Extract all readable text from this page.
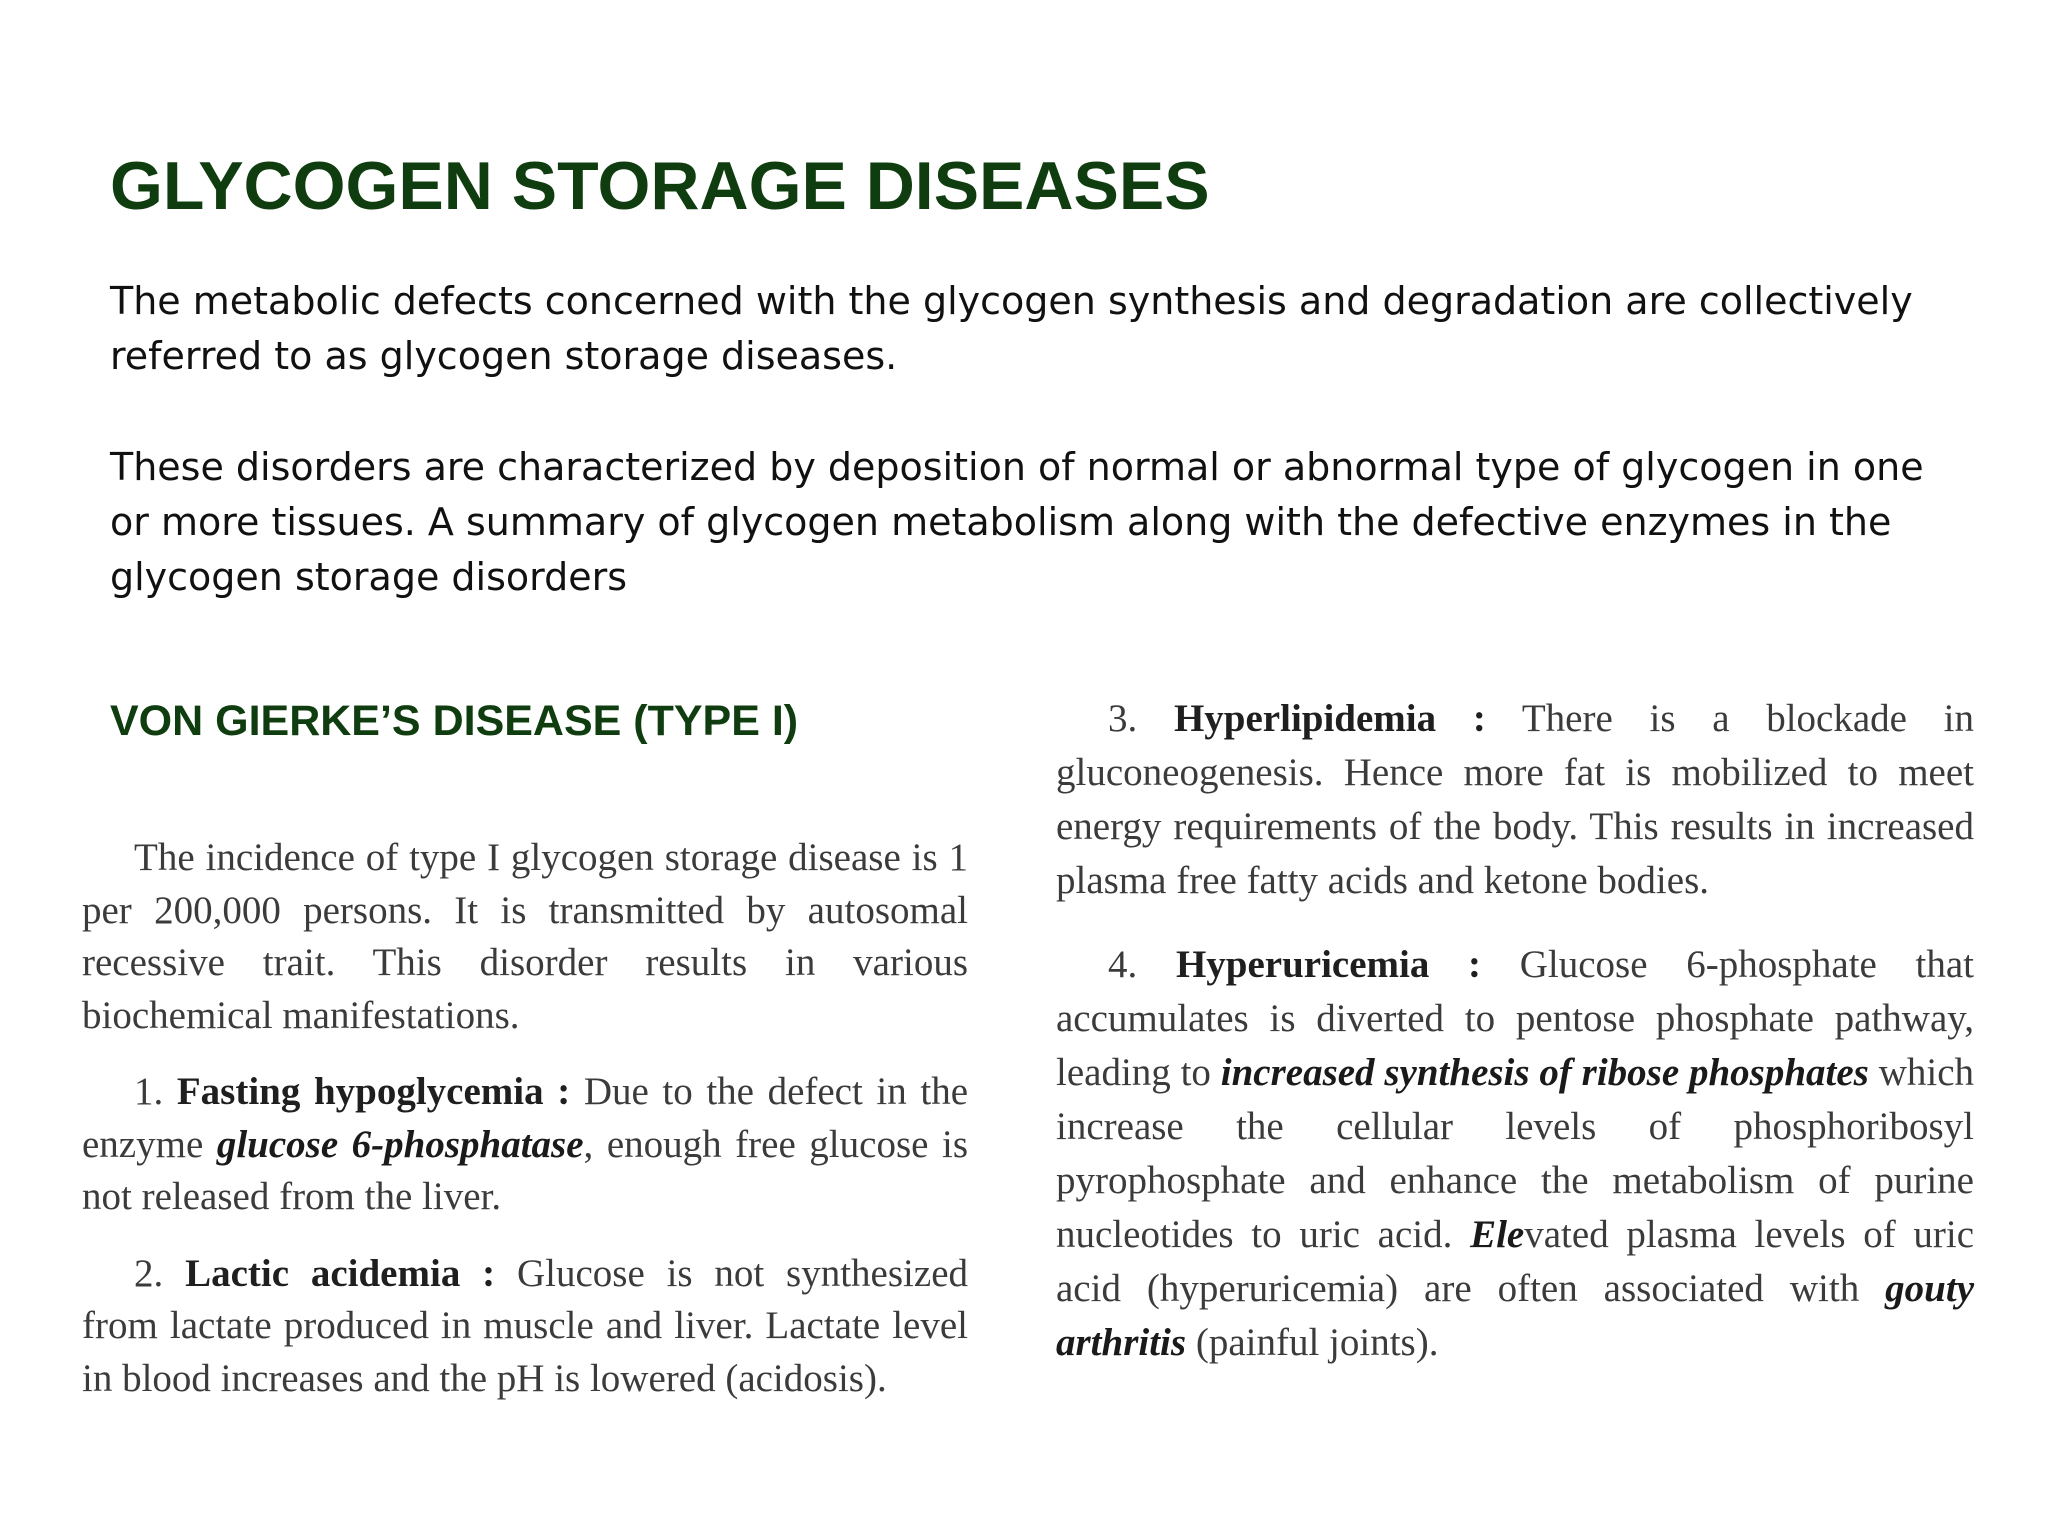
GLYCOGEN STORAGE DISEASES

The metabolic defects concerned with the glycogen synthesis and degradation are collectively referred to as glycogen storage diseases.

These disorders are characterized by deposition of normal or abnormal type of glycogen in one or more tissues. A summary of glycogen metabolism along with the defective enzymes in the glycogen storage disorders

VON GIERKE’S DISEASE (TYPE I)

The incidence of type I glycogen storage disease is 1 per 200,000 persons. It is transmitted by autosomal recessive trait. This disorder results in various biochemical manifestations.

1. Fasting hypoglycemia : Due to the defect in the enzyme glucose 6-phosphatase, enough free glucose is not released from the liver.

2. Lactic acidemia : Glucose is not synthesized from lactate produced in muscle and liver. Lactate level in blood increases and the pH is lowered (acidosis).

3. Hyperlipidemia : There is a blockade in gluconeogenesis. Hence more fat is mobilized to meet energy requirements of the body. This results in increased plasma free fatty acids and ketone bodies.

4. Hyperuricemia : Glucose 6-phosphate that accumulates is diverted to pentose phosphate pathway, leading to increased synthesis of ribose phosphates which increase the cellular levels of phosphoribosyl pyrophosphate and enhance the metabolism of purine nucleotides to uric acid. Elevated plasma levels of uric acid (hyperuricemia) are often associated with gouty arthritis (painful joints).
